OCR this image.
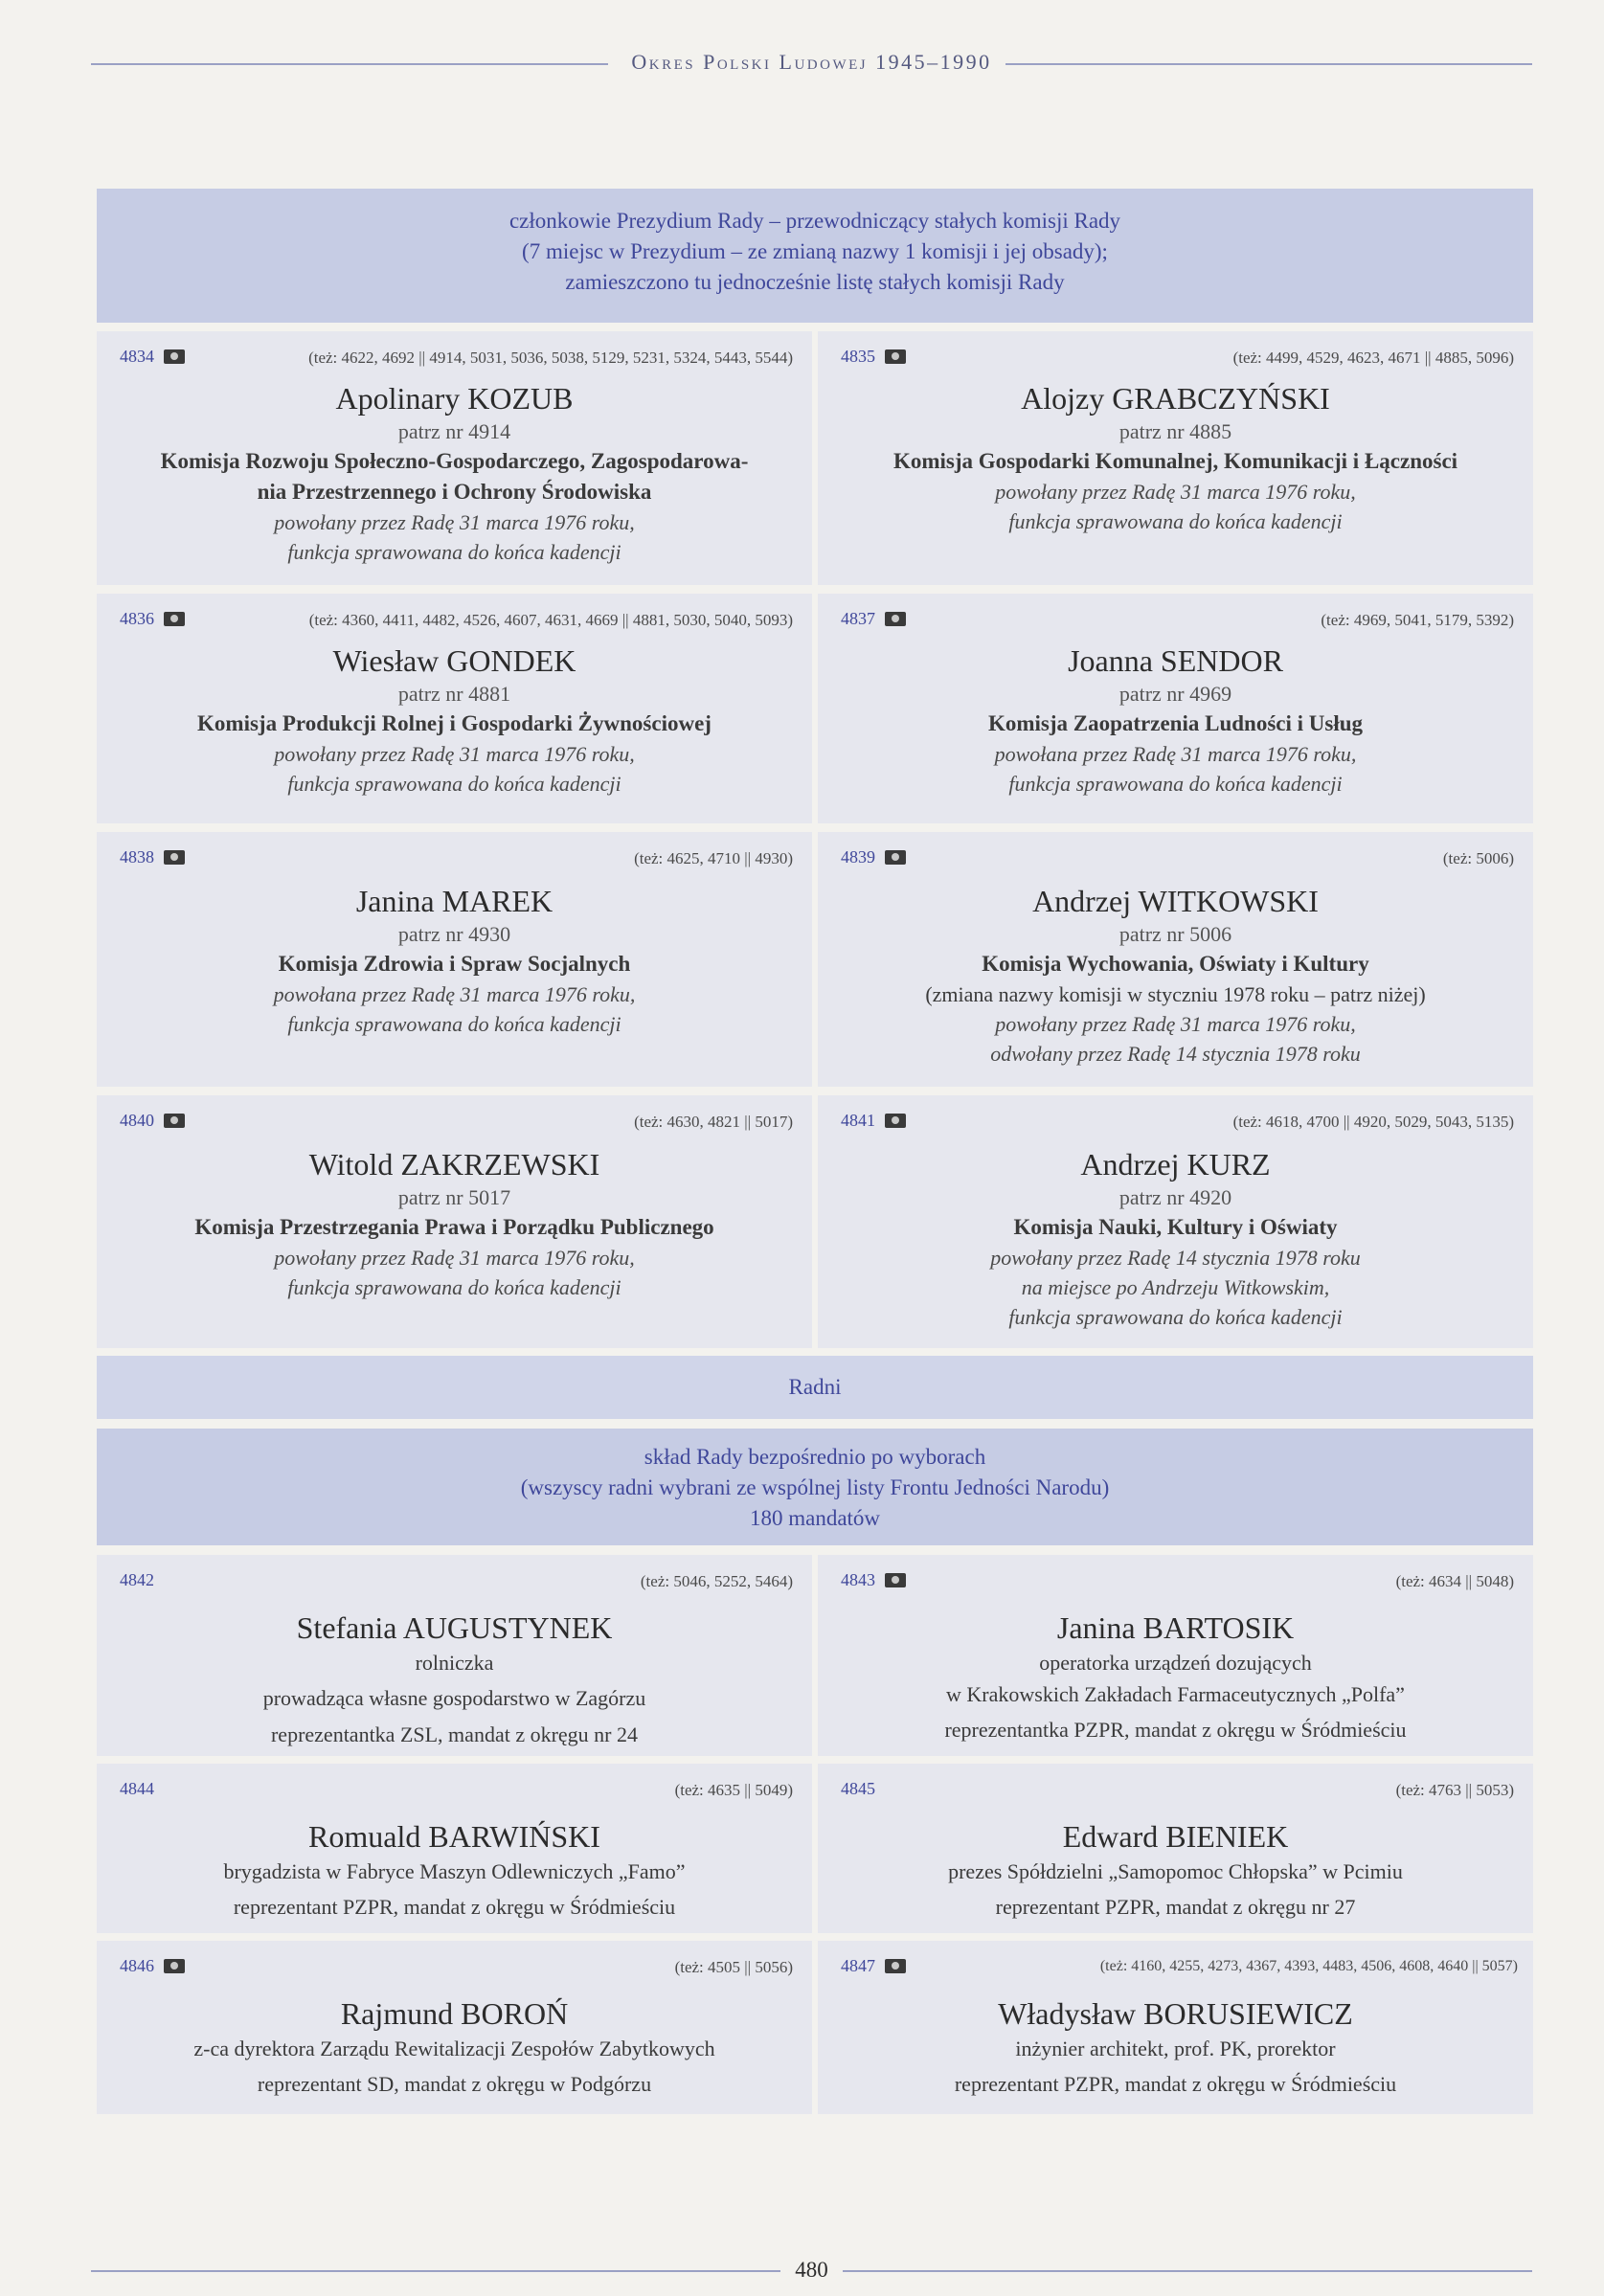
Okres Polski Ludowej 1945–1990
członkowie Prezydium Rady – przewodniczący stałych komisji Rady
(7 miejsc w Prezydium – ze zmianą nazwy 1 komisji i jej obsady);
zamieszczono tu jednocześnie listę stałych komisji Rady
4834	(też: 4622, 4692 || 4914, 5031, 5036, 5038, 5129, 5231, 5324, 5443, 5544)
Apolinary KOZUB
patrz nr 4914
Komisja Rozwoju Społeczno-Gospodarczego, Zagospodarowa-
nia Przestrzennego i Ochrony Środowiska
powołany przez Radę 31 marca 1976 roku,
funkcja sprawowana do końca kadencji
4835	(też: 4499, 4529, 4623, 4671 || 4885, 5096)
Alojzy GRABCZYŃSKI
patrz nr 4885
Komisja Gospodarki Komunalnej, Komunikacji i Łączności
powołany przez Radę 31 marca 1976 roku,
funkcja sprawowana do końca kadencji
4836	(też: 4360, 4411, 4482, 4526, 4607, 4631, 4669 || 4881, 5030, 5040, 5093)
Wiesław GONDEK
patrz nr 4881
Komisja Produkcji Rolnej i Gospodarki Żywnościowej
powołany przez Radę 31 marca 1976 roku,
funkcja sprawowana do końca kadencji
4837	(też: 4969, 5041, 5179, 5392)
Joanna SENDOR
patrz nr 4969
Komisja Zaopatrzenia Ludności i Usług
powołana przez Radę 31 marca 1976 roku,
funkcja sprawowana do końca kadencji
4838	(też: 4625, 4710 || 4930)
Janina MAREK
patrz nr 4930
Komisja Zdrowia i Spraw Socjalnych
powołana przez Radę 31 marca 1976 roku,
funkcja sprawowana do końca kadencji
4839	(też: 5006)
Andrzej WITKOWSKI
patrz nr 5006
Komisja Wychowania, Oświaty i Kultury
(zmiana nazwy komisji w styczniu 1978 roku – patrz niżej)
powołany przez Radę 31 marca 1976 roku,
odwołany przez Radę 14 stycznia 1978 roku
4840	(też: 4630, 4821 || 5017)
Witold ZAKRZEWSKI
patrz nr 5017
Komisja Przestrzegania Prawa i Porządku Publicznego
powołany przez Radę 31 marca 1976 roku,
funkcja sprawowana do końca kadencji
4841	(też: 4618, 4700 || 4920, 5029, 5043, 5135)
Andrzej KURZ
patrz nr 4920
Komisja Nauki, Kultury i Oświaty
powołany przez Radę 14 stycznia 1978 roku
na miejsce po Andrzeju Witkowskim,
funkcja sprawowana do końca kadencji
Radni
skład Rady bezpośrednio po wyborach
(wszyscy radni wybrani ze wspólnej listy Frontu Jedności Narodu)
180 mandatów
4842	(też: 5046, 5252, 5464)
Stefania AUGUSTYNEK
rolniczka
prowadząca własne gospodarstwo w Zagórzu
reprezentantka ZSL, mandat z okręgu nr 24
4843	(też: 4634 || 5048)
Janina BARTOSIK
operatorka urządzeń dozujących
w Krakowskich Zakładach Farmaceutycznych „Polfa”
reprezentantka PZPR, mandat z okręgu w Śródmieściu
4844	(też: 4635 || 5049)
Romuald BARWIŃSKI
brygadzista w Fabryce Maszyn Odlewniczych „Famo”
reprezentant PZPR, mandat z okręgu w Śródmieściu
4845	(też: 4763 || 5053)
Edward BIENIEK
prezes Spółdzielni „Samopomoc Chłopska” w Pcimiu
reprezentant PZPR, mandat z okręgu nr 27
4846	(też: 4505 || 5056)
Rajmund BOROŃ
z-ca dyrektora Zarządu Rewitalizacji Zespołów Zabytkowych
reprezentant SD, mandat z okręgu w Podgórzu
4847	(też: 4160, 4255, 4273, 4367, 4393, 4483, 4506, 4608, 4640 || 5057)
Władysław BORUSIEWICZ
inżynier architekt, prof. PK, prorektor
reprezentant PZPR, mandat z okręgu w Śródmieściu
480
